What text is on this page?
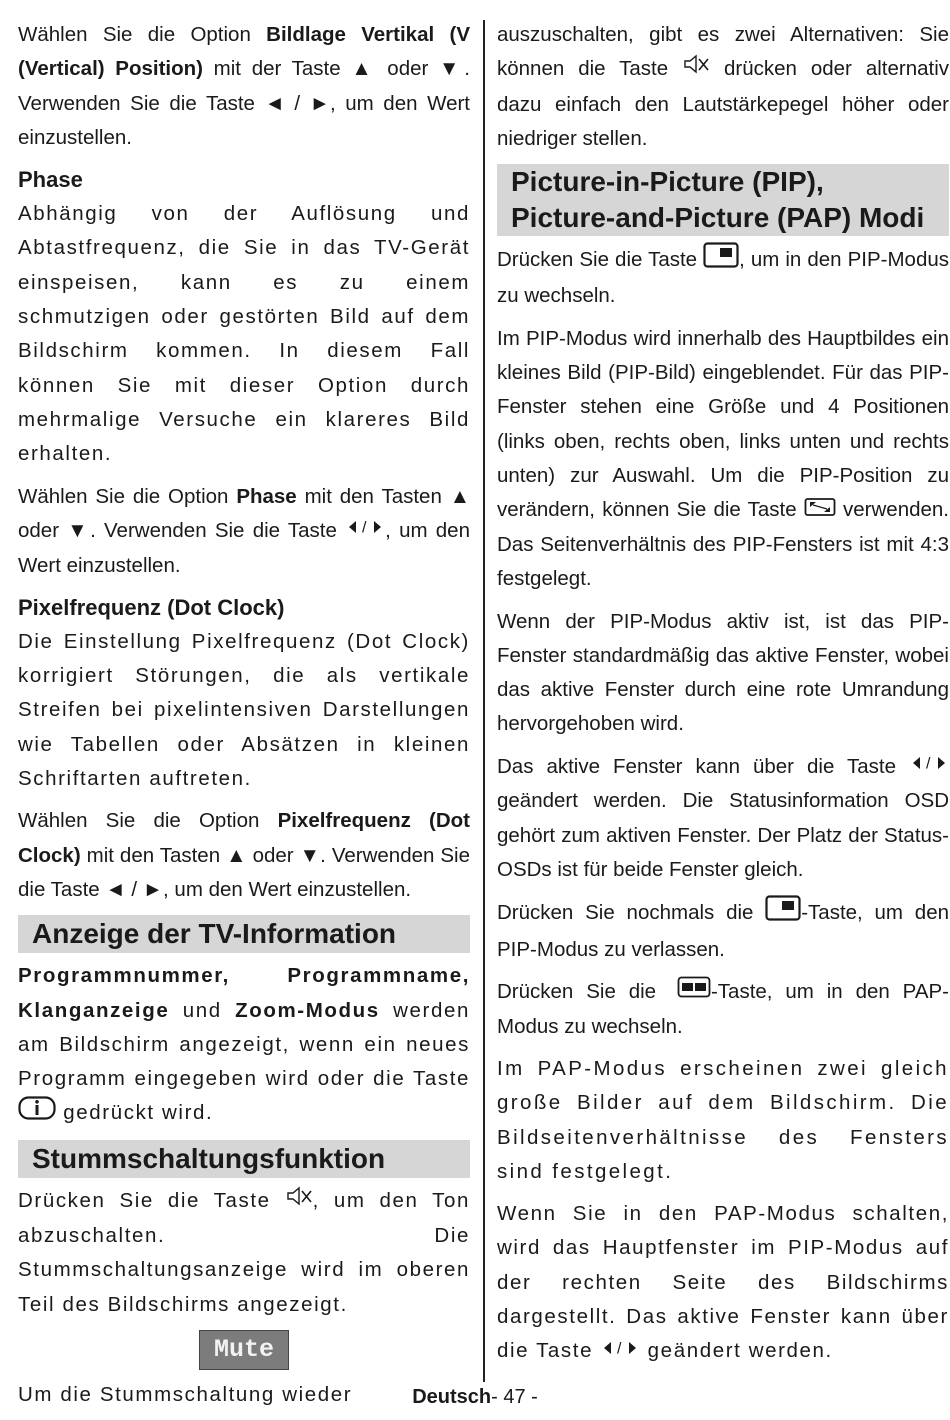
Wählen Sie die Option Bildlage Vertikal (V (Vertical) Position) mit der Taste ▲ oder ▼. Verwenden Sie die Taste ◄ / ►, um den Wert einzustellen.

Phase

Abhängig von der Auflösung und Abtastfrequenz, die Sie in das TV-Gerät einspeisen, kann es zu einem schmutzigen oder gestörten Bild auf dem Bildschirm kommen. In diesem Fall können Sie mit dieser Option durch mehrmalige Versuche ein klareres Bild erhalten.

Wählen Sie die Option Phase mit den Tasten ▲ oder ▼. Verwenden Sie die Taste / , um den Wert einzustellen.

Pixelfrequenz (Dot Clock)

Die Einstellung Pixelfrequenz (Dot Clock) korrigiert Störungen, die als vertikale Streifen bei pixelintensiven Darstellungen wie Tabellen oder Absätzen in kleinen Schriftarten auftreten.

Wählen Sie die Option Pixelfrequenz (Dot Clock) mit den Tasten ▲ oder ▼. Verwenden Sie die Taste ◄ / ►, um den Wert einzustellen.

Anzeige der TV-Information

Programmnummer, Programmname, Klanganzeige und Zoom-Modus werden am Bildschirm angezeigt, wenn ein neues Programm eingegeben wird oder die Taste  gedrückt wird.

Stummschaltungsfunktion

Drücken Sie die Taste , um den Ton abzuschalten. Die Stummschaltungsanzeige wird im oberen Teil des Bildschirms angezeigt.

Mute

Um die Stummschaltung wieder

auszuschalten, gibt es zwei Alternativen: Sie können die Taste  drücken oder alternativ dazu einfach den Lautstärkepegel höher oder niedriger stellen.

Picture-in-Picture (PIP),
Picture-and-Picture (PAP) Modi

Drücken Sie die Taste , um in den PIP-Modus zu wechseln.

Im PIP-Modus wird innerhalb des Hauptbildes ein kleines Bild (PIP-Bild) eingeblendet. Für das PIP-Fenster stehen eine Größe und 4 Positionen (links oben, rechts oben, links unten und rechts unten) zur Auswahl. Um die PIP-Position zu verändern, können Sie die Taste  verwenden. Das Seitenverhältnis des PIP-Fensters ist mit 4:3 festgelegt.

Wenn der PIP-Modus aktiv ist, ist das PIP-Fenster standardmäßig das aktive Fenster, wobei das aktive Fenster durch eine rote Umrandung hervorgehoben wird.

Das aktive Fenster kann über die Taste /
geändert werden. Die Statusinformation OSD gehört zum aktiven Fenster. Der Platz der Status-OSDs ist für beide Fenster gleich.

Drücken Sie nochmals die -Taste, um den PIP-Modus zu verlassen.

Drücken Sie die -Taste, um in den PAP-Modus zu wechseln.

Im PAP-Modus erscheinen zwei gleich große Bilder auf dem Bildschirm. Die Bildseitenverhältnisse des Fensters sind festgelegt.

Wenn Sie in den PAP-Modus schalten, wird das Hauptfenster im PIP-Modus auf der rechten Seite des Bildschirms dargestellt. Das aktive Fenster kann über die Taste / geändert werden.

Deutsch- 47 -
